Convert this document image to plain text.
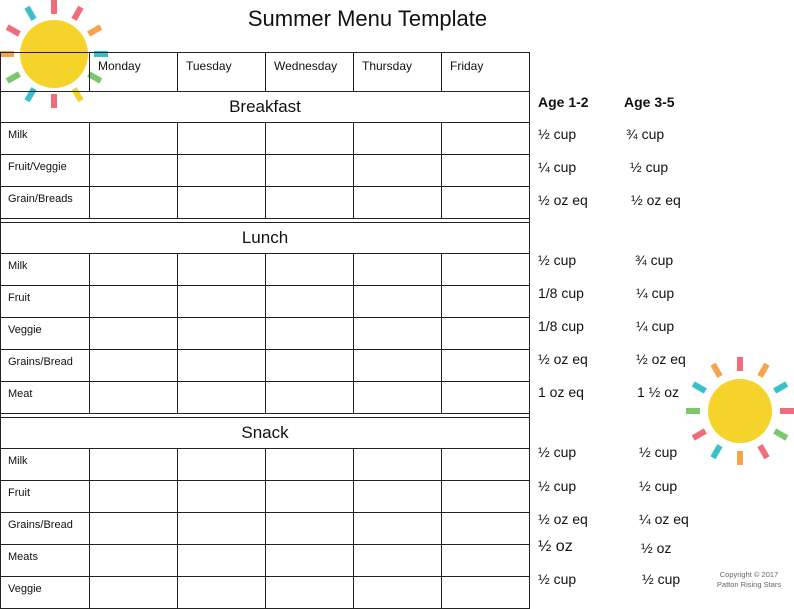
Summer Menu Template

	Monday	Tuesday	Wednesday	Thursday	Friday

Breakfast					

Milk					

Fruit/Veggie					

Grain/Breads					

Lunch					

Milk					

Fruit					

Veggie					

Grains/Bread					

Meat					

Snack					

Milk					

Fruit					

Grains/Bread					

Meats					

Veggie					

Age 1-2	Age 3-5
½ cup	¾ cup
¼ cup	½ cup
½ oz eq	½ oz eq
½ cup	¾ cup
1/8 cup	¼ cup
1/8 cup	¼ cup
½ oz eq	½ oz eq
1 oz eq	1 ½ oz
½ cup	½ cup
½ cup	½ cup
½ oz eq	¼ oz eq
½ oz	½ oz
½ cup	½ cup	Copyright © 2017
Patton Rising Stars
